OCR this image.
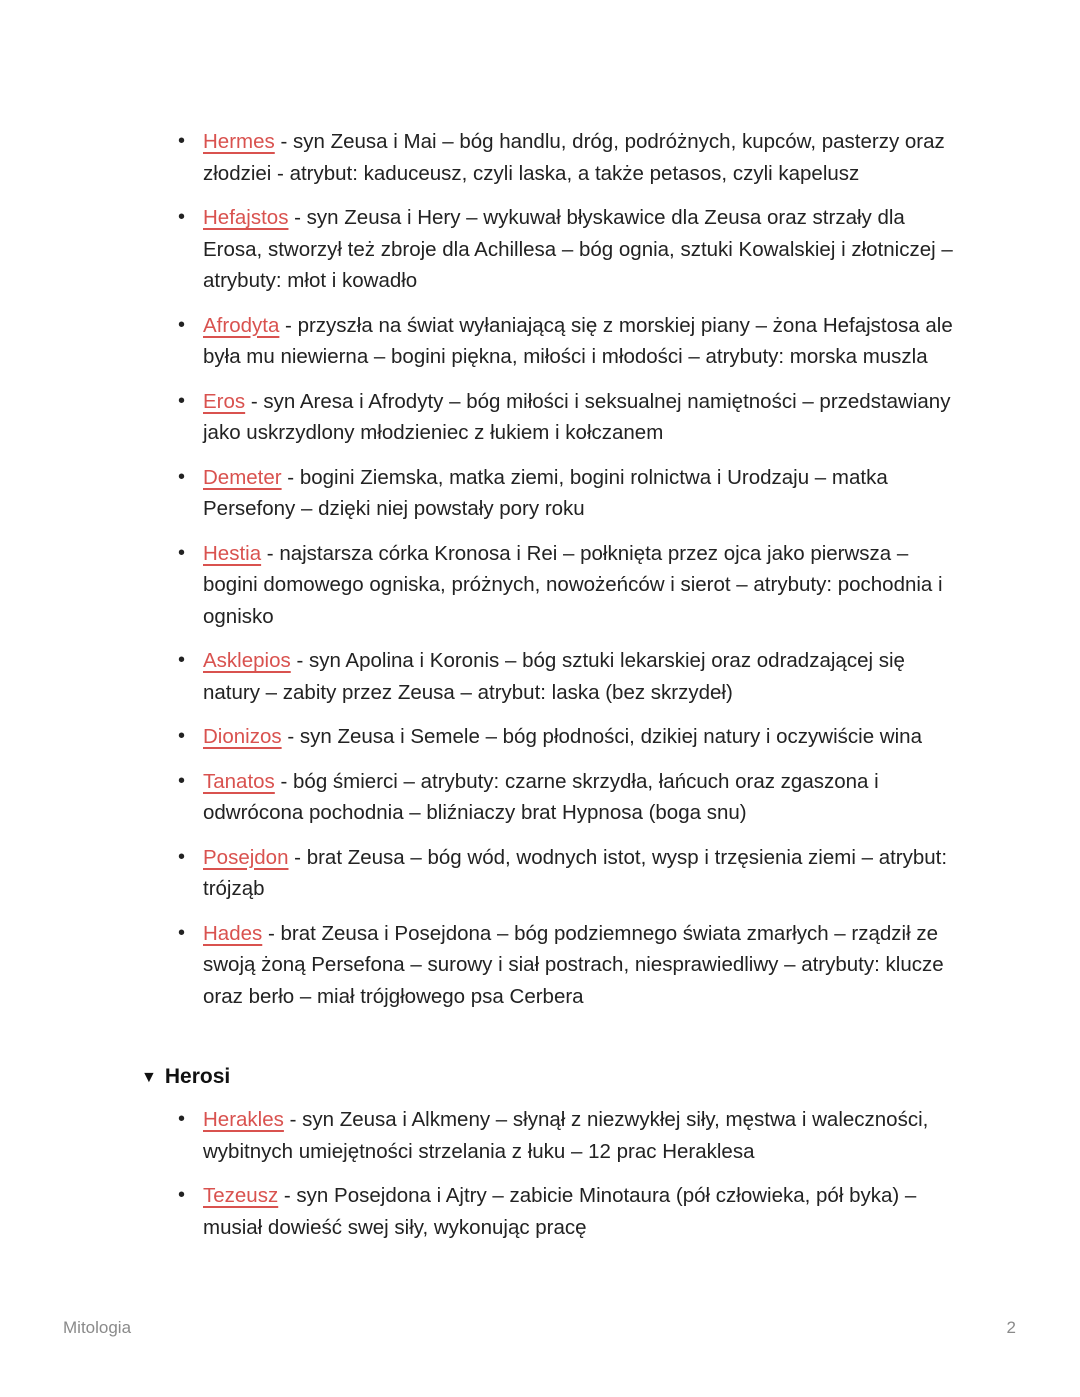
• Hermes - syn Zeusa i Mai – bóg handlu, dróg, podróżnych, kupców, pasterzy oraz złodziei - atrybut: kaduceusz, czyli laska, a także petasos, czyli kapelusz
• Hefajstos - syn Zeusa i Hery – wykuwał błyskawice dla Zeusa oraz strzały dla Erosa, stworzył też zbroje dla Achillesa – bóg ognia, sztuki Kowalskiej i złotniczej – atrybuty: młot i kowadło
• Afrodyta - przyszła na świat wyłaniającą się z morskiej piany – żona Hefajstosa ale była mu niewierna – bogini piękna, miłości i młodości – atrybuty: morska muszla
• Eros - syn Aresa i Afrodyty – bóg miłości i seksualnej namiętności – przedstawiany jako uskrzydlony młodzieniec z łukiem i kołczanem
• Demeter - bogini Ziemska, matka ziemi, bogini rolnictwa i Urodzaju – matka Persefony – dzięki niej powstały pory roku
• Hestia - najstarsza córka Kronosa i Rei – połknięta przez ojca jako pierwsza – bogini domowego ogniska, próżnych, nowożeńców i sierot – atrybuty: pochodnia i ognisko
• Asklepios - syn Apolina i Koronis – bóg sztuki lekarskiej oraz odradzającej się natury – zabity przez Zeusa – atrybut: laska (bez skrzydeł)
• Dionizos - syn Zeusa i Semele – bóg płodności, dzikiej natury i oczywiście wina
• Tanatos - bóg śmierci – atrybuty: czarne skrzydła, łańcuch oraz zgaszona i odwrócona pochodnia – bliźniaczy brat Hypnosa (boga snu)
• Posejdon - brat Zeusa – bóg wód, wodnych istot, wysp i trzęsienia ziemi – atrybut: trójząb
• Hades - brat Zeusa i Posejdona – bóg podziemnego świata zmarłych – rządził ze swoją żoną Persefona – surowy i siał postrach, niesprawiedliwy – atrybuty: klucze oraz berło – miał trójgłowego psa Cerbera
▼ Herosi
• Herakles - syn Zeusa i Alkmeny – słynął z niezwykłej siły, męstwa i waleczności, wybitnych umiejętności strzelania z łuku – 12 prac Heraklesa
• Tezeusz - syn Posejdona i Ajtry – zabicie Minotaura (pół człowieka, pół byka) – musiał dowieść swej siły, wykonując pracę
Mitologia	2
